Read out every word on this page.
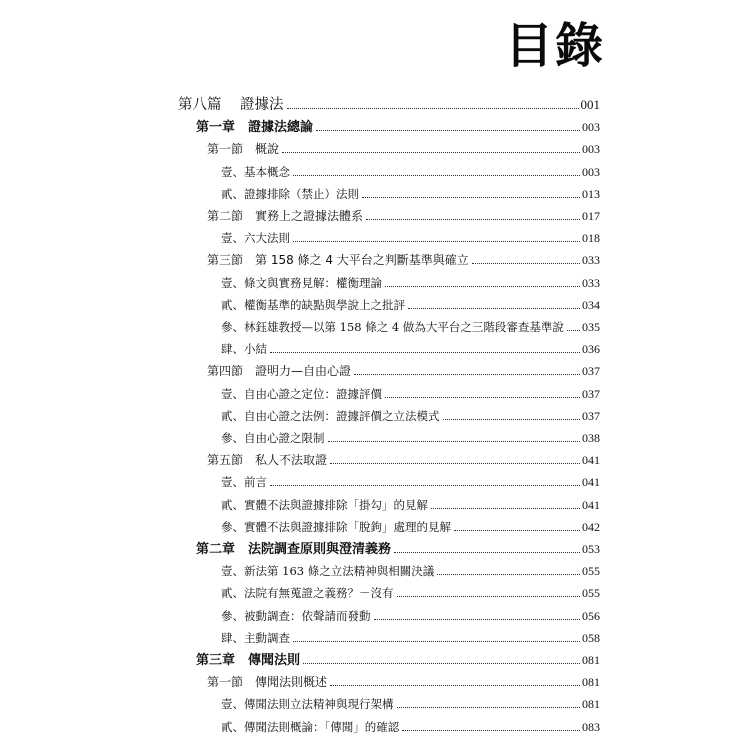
目錄
第八篇 證據法	001
第一章 證據法總論	003
第一節 概說	003
壹、基本概念	003
貳、證據排除（禁止）法則	013
第二節 實務上之證據法體系	017
壹、六大法則	018
第三節 第 158 條之 4 大平台之判斷基準與確立	033
壹、條文與實務見解：權衡理論	033
貳、權衡基準的缺點與學說上之批評	034
參、林鈺雄教授—以第 158 條之 4 做為大平台之三階段審查基準說 035
肆、小結	036
第四節 證明力—自由心證	037
壹、自由心證之定位：證據評價	037
貳、自由心證之法例：證據評價之立法模式	037
參、自由心證之限制	038
第五節 私人不法取證	041
壹、前言	041
貳、實體不法與證據排除「掛勾」的見解	041
參、實體不法與證據排除「脫鉤」處理的見解	042
第二章 法院調查原則與澄清義務	053
壹、新法第 163 條之立法精神與相關決議	055
貳、法院有無蒐證之義務？－沒有	055
參、被動調查：依聲請而發動	056
肆、主動調查	058
第三章 傳聞法則	081
第一節 傳聞法則概述	081
壹、傳聞法則立法精神與現行架構	081
貳、傳聞法則概論：「傳聞」的確認	083
